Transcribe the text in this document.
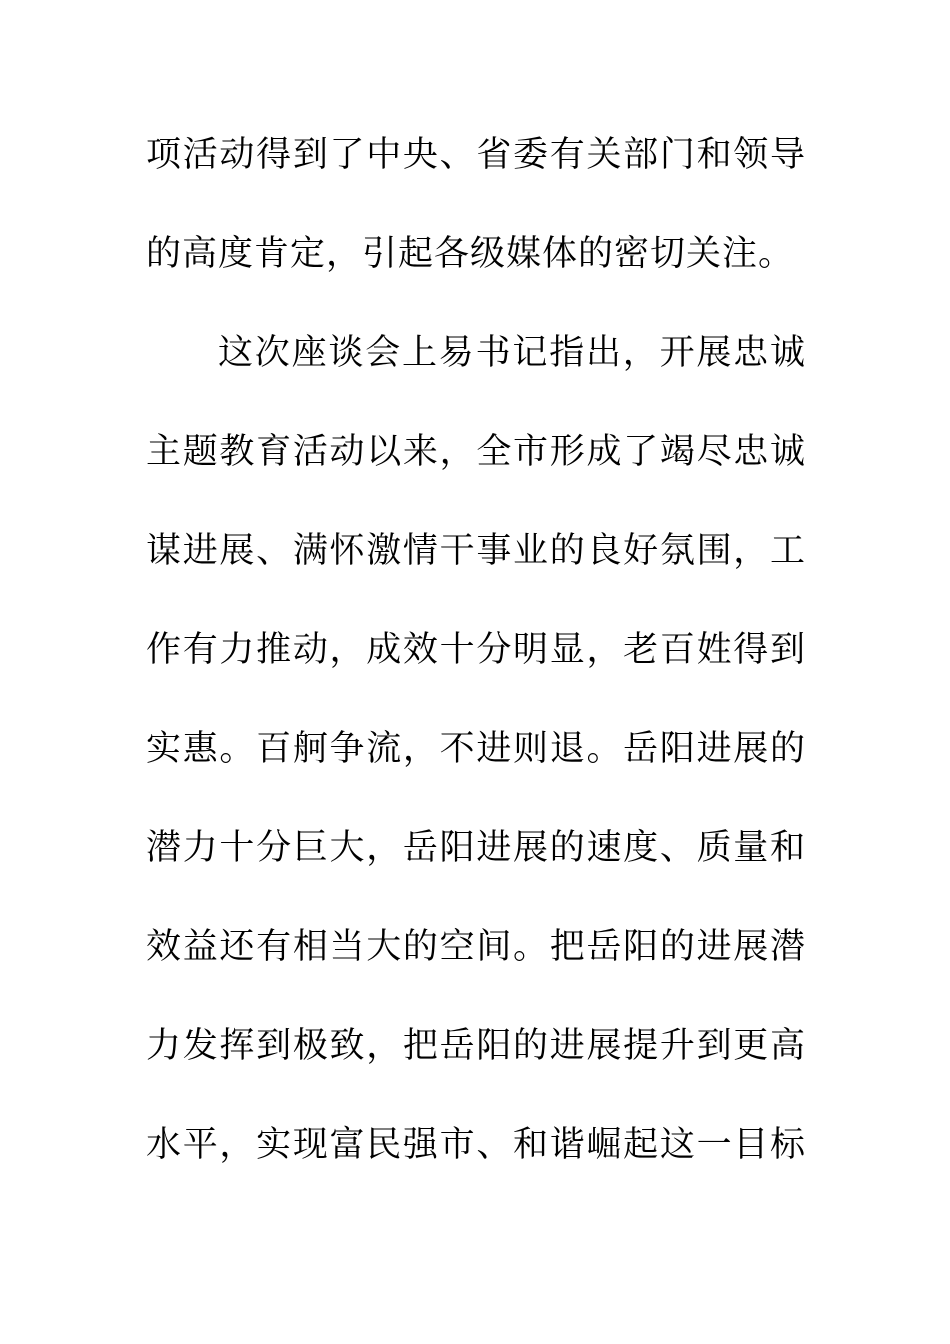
项活动得到了中央、省委有关部门和领导
的高度肯定，引起各级媒体的密切关注。
这次座谈会上易书记指出，开展忠诚
主题教育活动以来，全市形成了竭尽忠诚
谋进展、满怀激情干事业的良好氛围，工
作有力推动，成效十分明显，老百姓得到
实惠。百舸争流，不进则退。岳阳进展的
潜力十分巨大，岳阳进展的速度、质量和
效益还有相当大的空间。把岳阳的进展潜
力发挥到极致，把岳阳的进展提升到更高
水平，实现富民强市、和谐崛起这一目标
